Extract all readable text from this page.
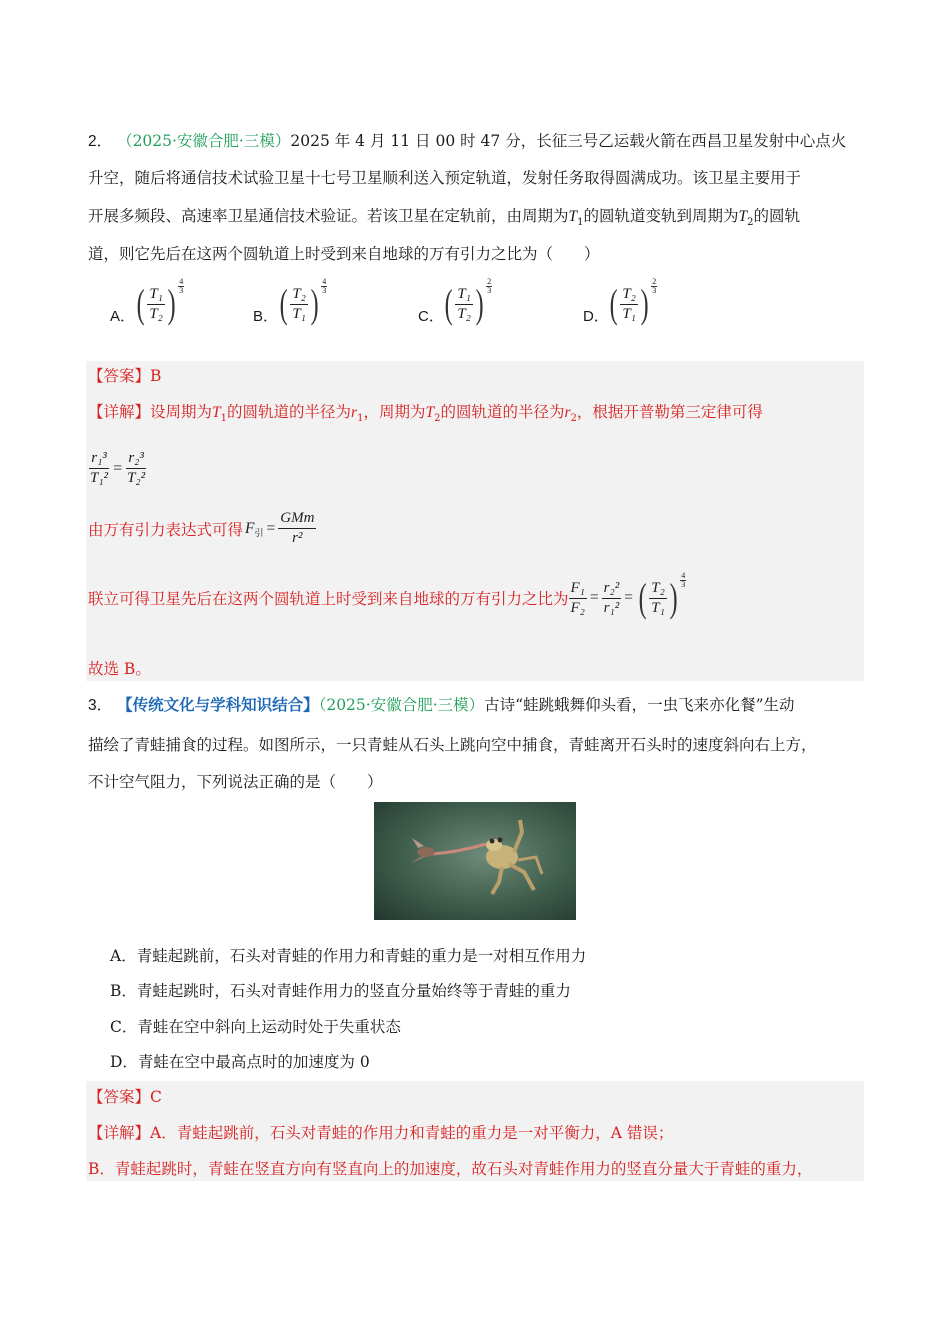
2． （2025·安徽合肥·三模）2025 年 4 月 11 日 00 时 47 分，长征三号乙运载火箭在西昌卫星发射中心点火
升空，随后将通信技术试验卫星十七号卫星顺利送入预定轨道，发射任务取得圆满成功。该卫星主要用于
开展多频段、高速率卫星通信技术验证。若该卫星在定轨前，由周期为$T_1$的圆轨道变轨到周期为$T_2$的圆轨
道，则它先后在这两个圆轨道上时受到来自地球的万有引力之比为（　　）
A． ( $\frac{\text{T₁}}{\text{T₂}}$ ) 4
3
B． ( $\frac{\text{T₂}}{\text{T₁}}$ ) 4
3
C． ( $\frac{\text{T₁}}{\text{T₂}}$ ) 2
3
D． ( $\frac{\text{T₂}}{\text{T₁}}$ ) 2
3
【答案】B
【详解】设周期为$T_1$的圆轨道的半径为$r_1$，周期为$T_2$的圆轨道的半径为$r_2$，根据开普勒第三定律可得
$\frac{\text{r₁³}}{\text{T₁²}} = \frac{\text{r₂³}}{\text{T₂²}}$
由万有引力表达式可得 $F_引 = \frac{\text{GMm}}{\text{r²}}$
联立可得卫星先后在这两个圆轨道上时受到来自地球的万有引力之比为 $\frac{\text{F₁}}{\text{F₂}} = \frac{\text{r₂²}}{\text{r₁²}}$ = ( $\frac{\text{T₂}}{\text{T₁}}$ ) 4
3
故选 B。
3． 【传统文化与学科知识结合】（2025·安徽合肥·三模）古诗“蛙跳蛾舞仰头看，一虫飞来亦化餐”生动
描绘了青蛙捕食的过程。如图所示，一只青蛙从石头上跳向空中捕食，青蛙离开石头时的速度斜向右上方，
不计空气阻力，下列说法正确的是（　　）
A．青蛙起跳前，石头对青蛙的作用力和青蛙的重力是一对相互作用力
B．青蛙起跳时，石头对青蛙作用力的竖直分量始终等于青蛙的重力
C．青蛙在空中斜向上运动时处于失重状态
D．青蛙在空中最高点时的加速度为 0
【答案】C
【详解】A．青蛙起跳前，石头对青蛙的作用力和青蛙的重力是一对平衡力，A 错误；
B．青蛙起跳时，青蛙在竖直方向有竖直向上的加速度，故石头对青蛙作用力的竖直分量大于青蛙的重力，
